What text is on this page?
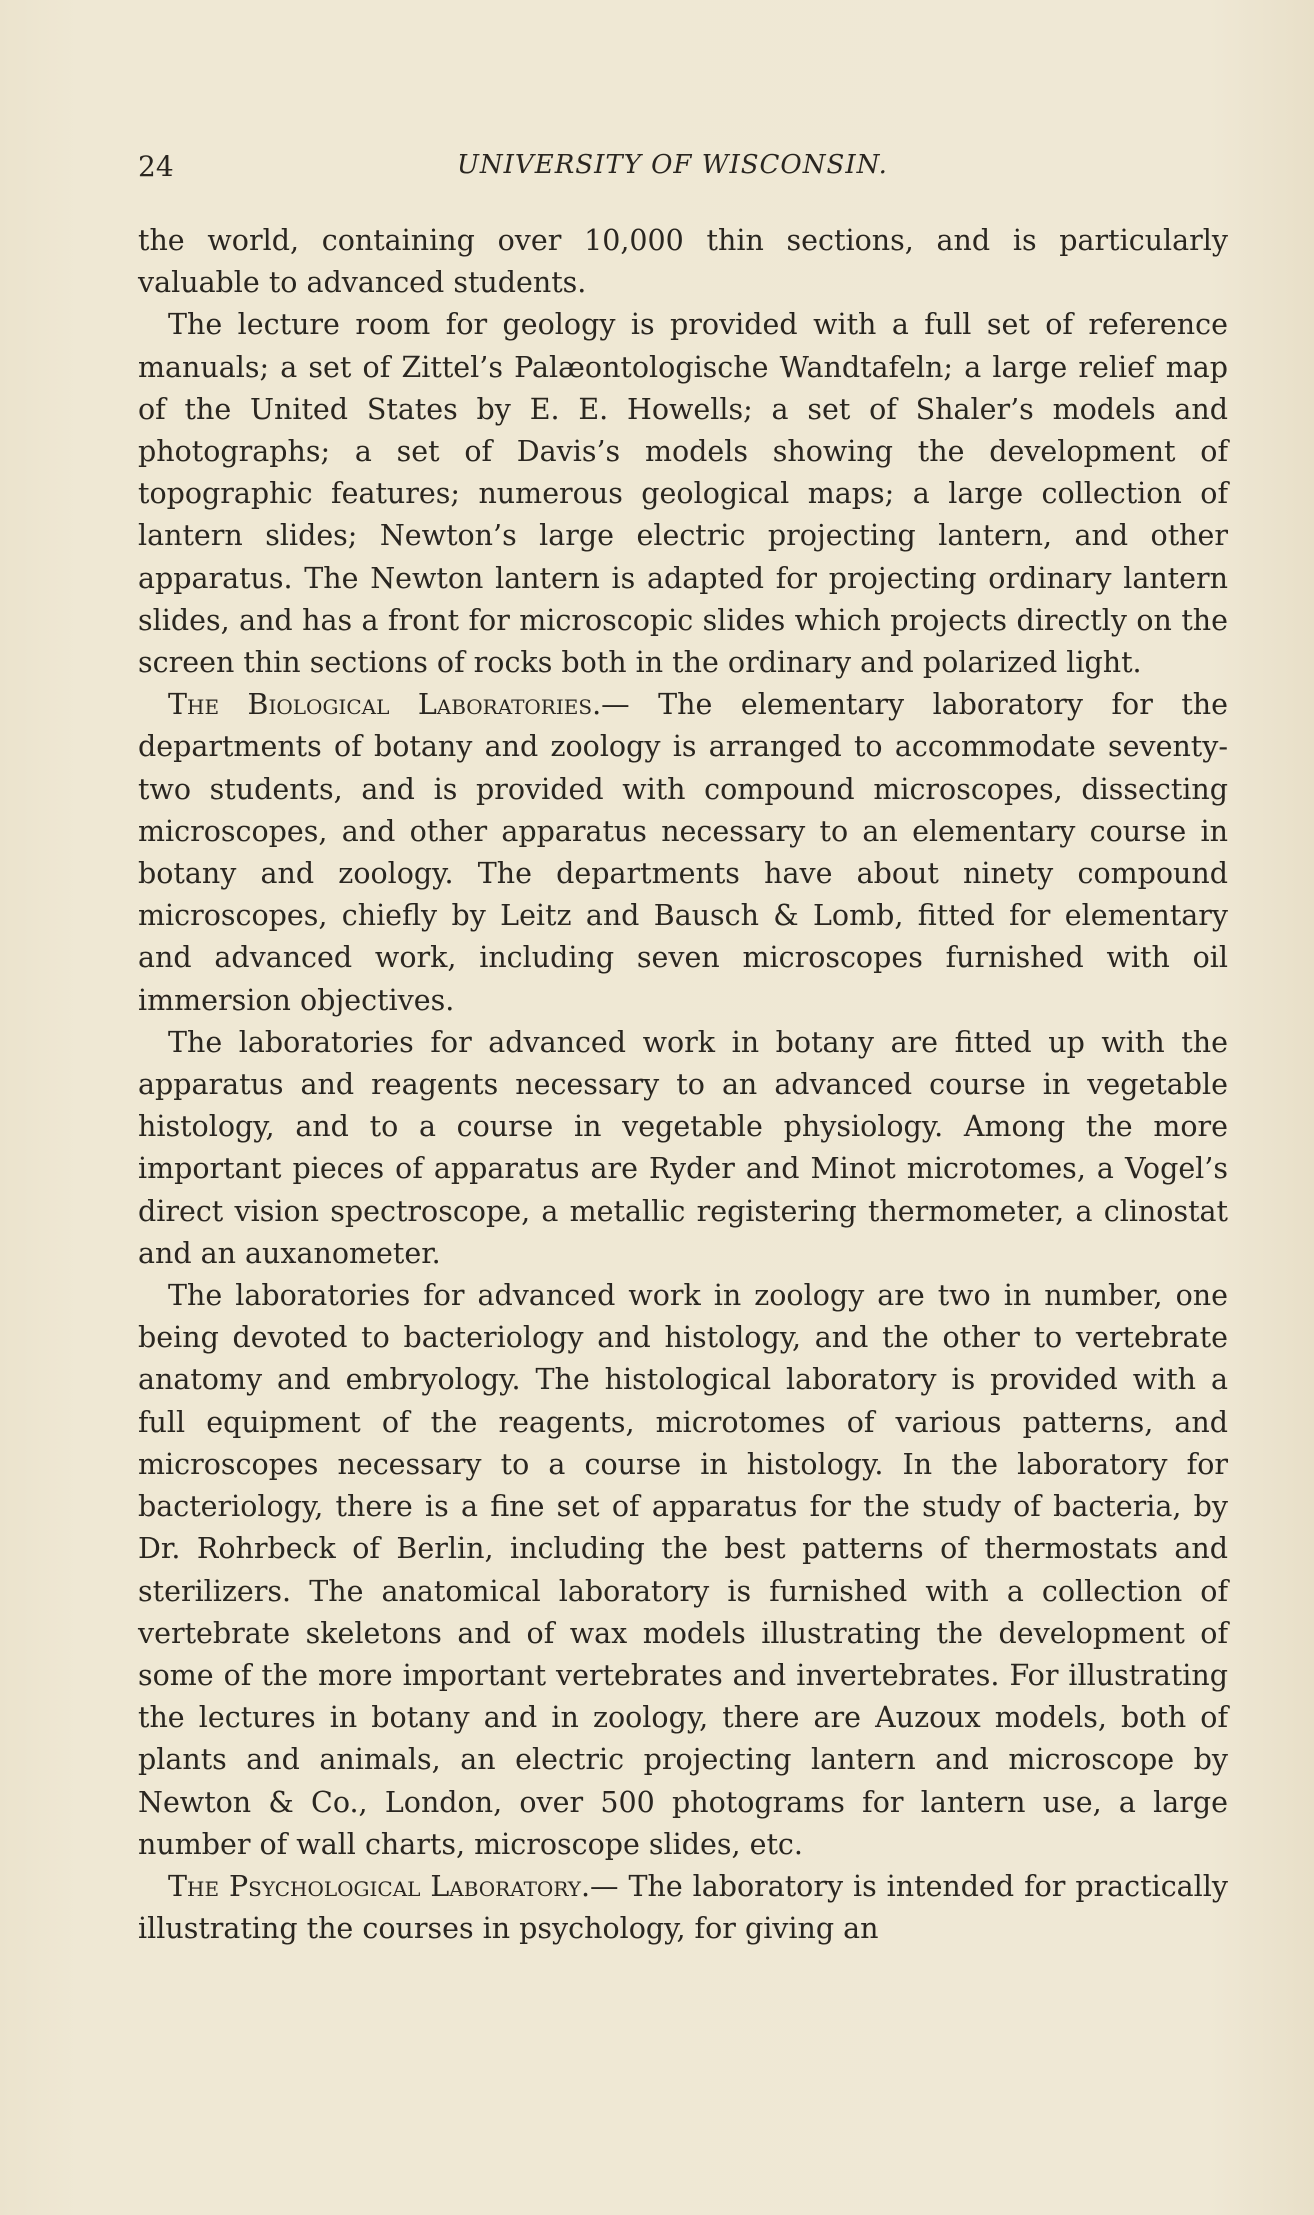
24	UNIVERSITY OF WISCONSIN.

the world, containing over 10,000 thin sections, and is particularly valuable to advanced students.

The lecture room for geology is provided with a full set of reference manuals; a set of Zittel’s Palæontologische Wandtafeln; a large relief map of the United States by E. E. Howells; a set of Shaler’s models and photographs; a set of Davis’s models showing the development of topographic features; numerous geological maps; a large collection of lantern slides; Newton’s large electric projecting lantern, and other apparatus. The Newton lantern is adapted for projecting ordinary lantern slides, and has a front for microscopic slides which projects directly on the screen thin sections of rocks both in the ordinary and polarized light.

The Biological Laboratories.— The elementary laboratory for the departments of botany and zoology is arranged to accommodate seventy-two students, and is provided with compound microscopes, dissecting microscopes, and other apparatus necessary to an elementary course in botany and zoology. The departments have about ninety compound microscopes, chiefly by Leitz and Bausch & Lomb, fitted for elementary and advanced work, including seven microscopes furnished with oil immersion objectives.

The laboratories for advanced work in botany are fitted up with the apparatus and reagents necessary to an advanced course in vegetable histology, and to a course in vegetable physiology. Among the more important pieces of apparatus are Ryder and Minot microtomes, a Vogel’s direct vision spectroscope, a metallic registering thermometer, a clinostat and an auxanometer.

The laboratories for advanced work in zoology are two in number, one being devoted to bacteriology and histology, and the other to vertebrate anatomy and embryology. The histological laboratory is provided with a full equipment of the reagents, microtomes of various patterns, and microscopes necessary to a course in histology. In the laboratory for bacteriology, there is a fine set of apparatus for the study of bacteria, by Dr. Rohrbeck of Berlin, including the best patterns of thermostats and sterilizers. The anatomical laboratory is furnished with a collection of vertebrate skeletons and of wax models illustrating the development of some of the more important vertebrates and invertebrates. For illustrating the lectures in botany and in zoology, there are Auzoux models, both of plants and animals, an electric projecting lantern and microscope by Newton & Co., London, over 500 photograms for lantern use, a large number of wall charts, microscope slides, etc.

The Psychological Laboratory.— The laboratory is intended for practically illustrating the courses in psychology, for giving an
